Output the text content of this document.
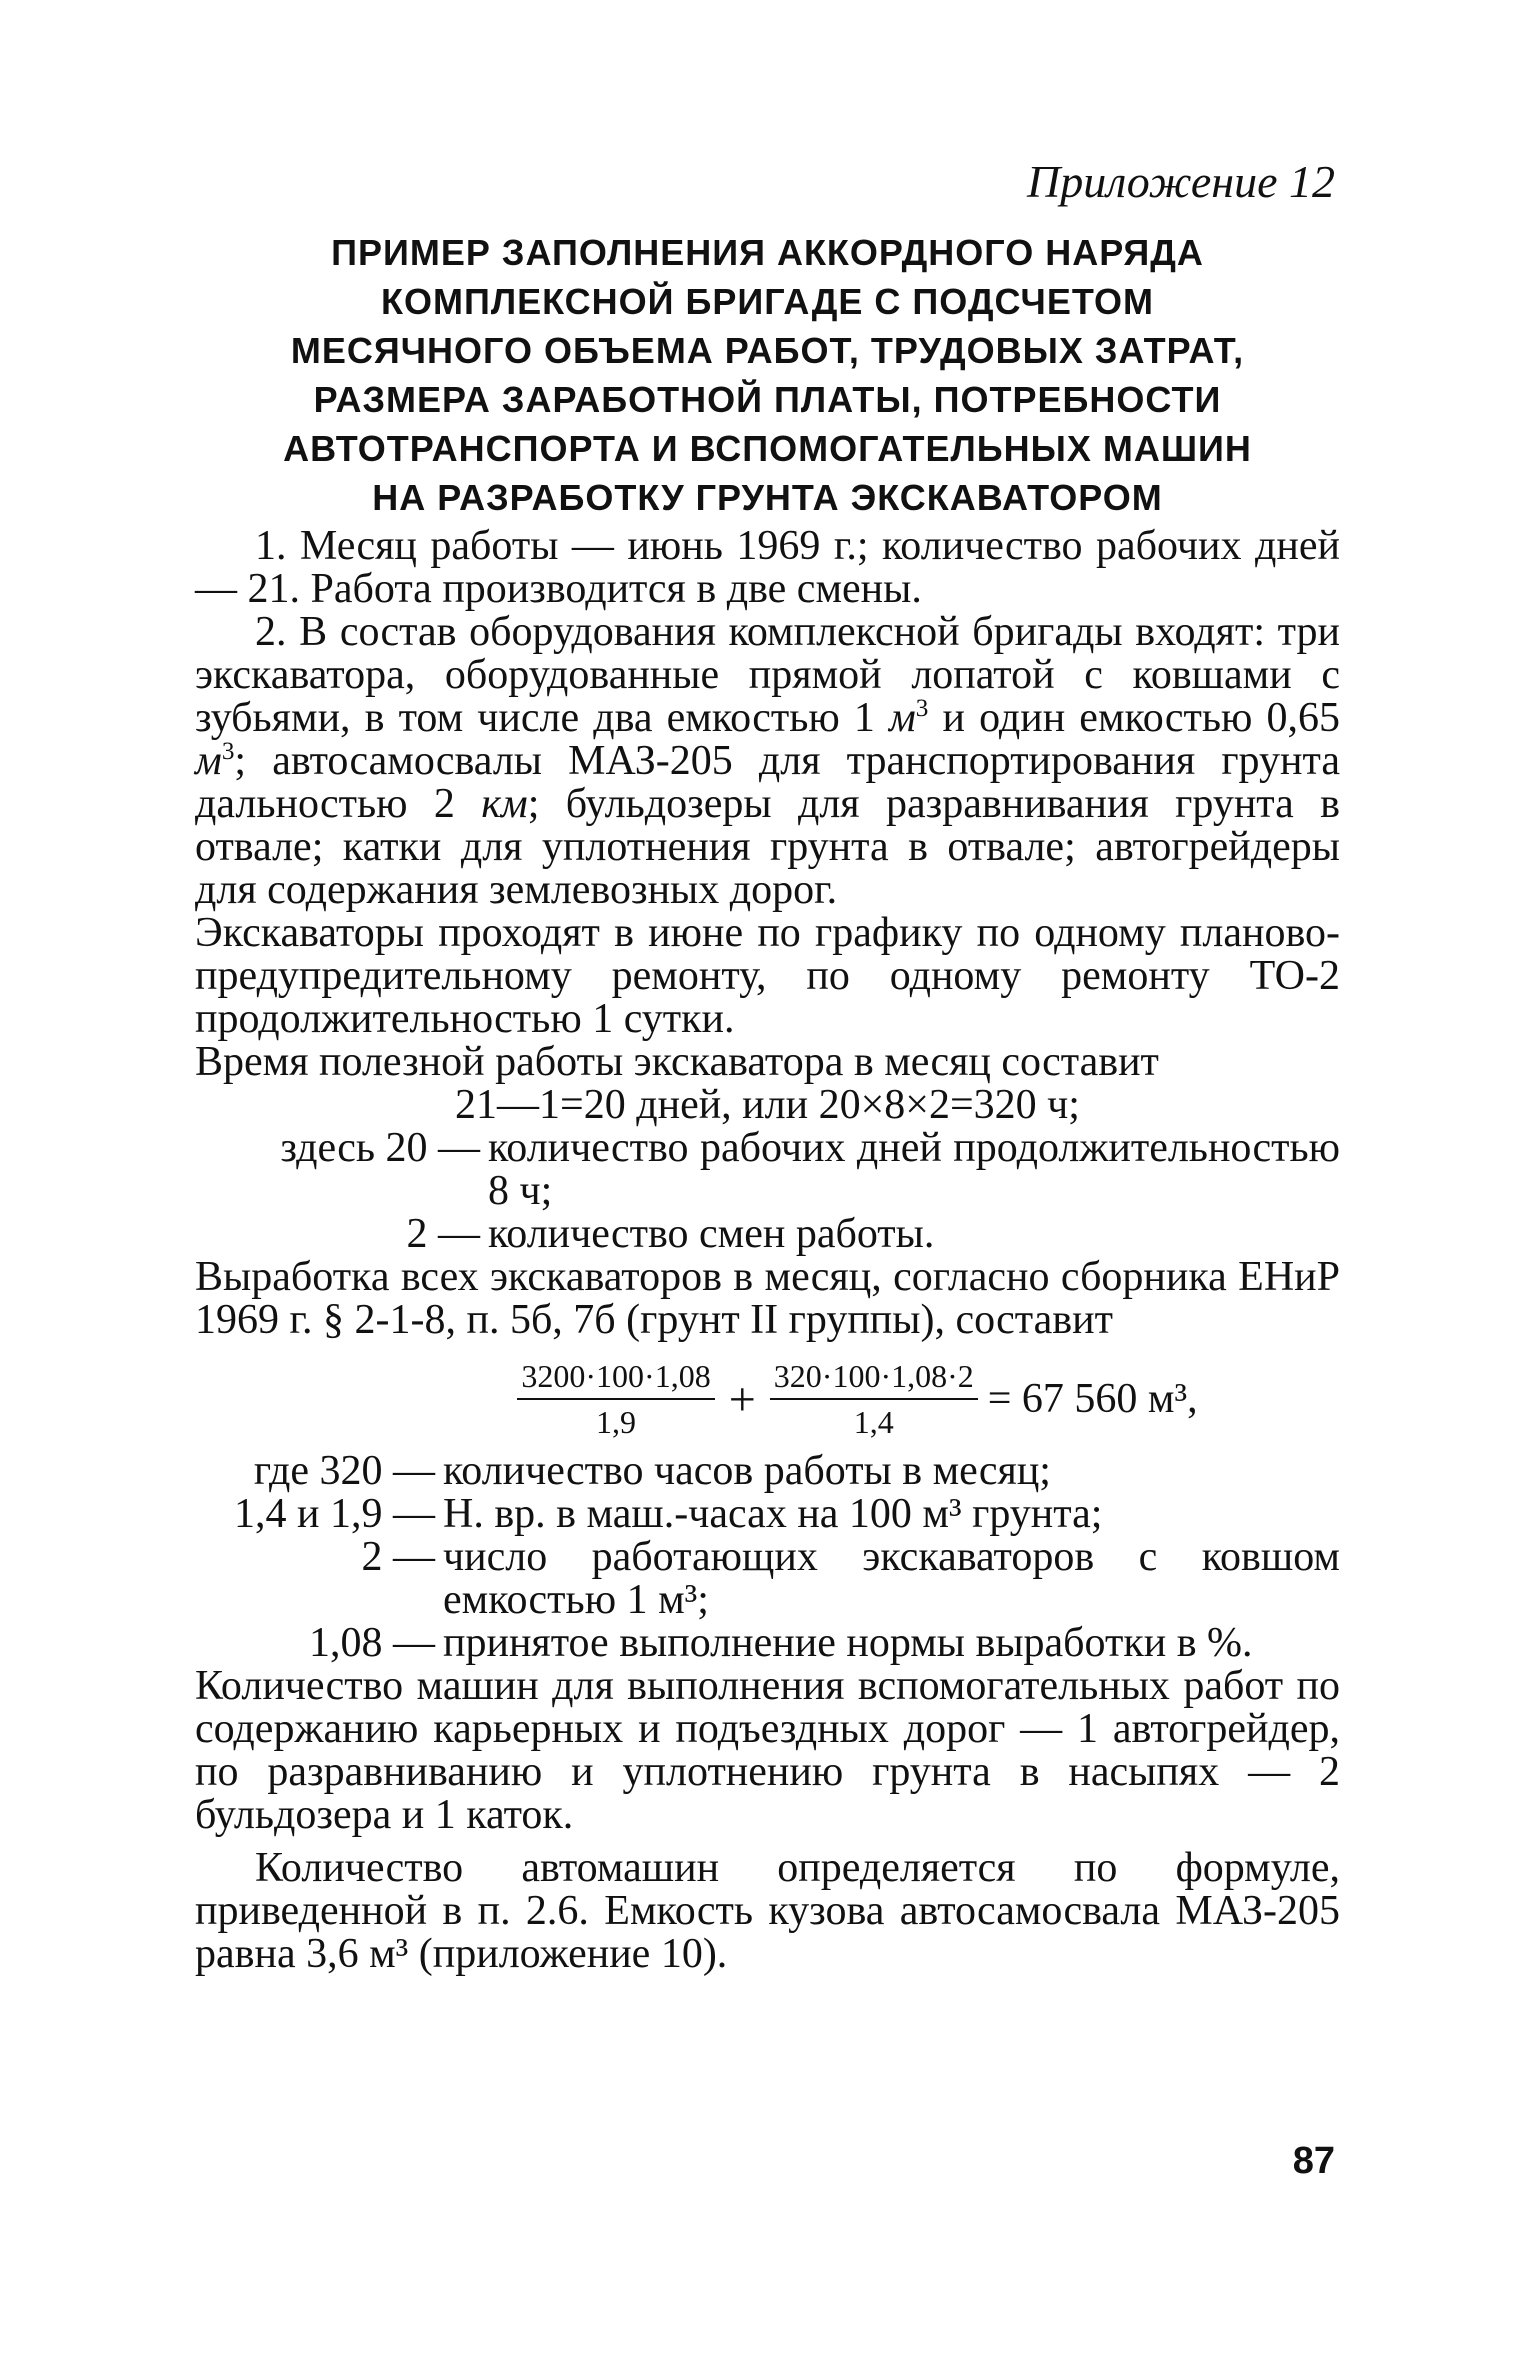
Приложение 12
ПРИМЕР ЗАПОЛНЕНИЯ АККОРДНОГО НАРЯДА
КОМПЛЕКСНОЙ БРИГАДЕ С ПОДСЧЕТОМ
МЕСЯЧНОГО ОБЪЕМА РАБОТ, ТРУДОВЫХ ЗАТРАТ,
РАЗМЕРА ЗАРАБОТНОЙ ПЛАТЫ, ПОТРЕБНОСТИ
АВТОТРАНСПОРТА И ВСПОМОГАТЕЛЬНЫХ МАШИН
НА РАЗРАБОТКУ ГРУНТА ЭКСКАВАТОРОМ
1. Месяц работы — июнь 1969 г.; количество рабочих дней — 21. Работа производится в две смены.
2. В состав оборудования комплексной бригады входят: три экскаватора, оборудованные прямой лопатой с ковшами с зубьями, в том числе два емкостью 1 $м^3$ и один емкостью 0,65 $м^3$; автосамосвалы МАЗ-205 для транспортирования грунта дальностью 2 км; бульдозеры для разравнивания грунта в отвале; катки для уплотнения грунта в отвале; автогрейдеры для содержания землевозных дорог.
Экскаваторы проходят в июне по графику по одному планово-предупредительному ремонту, по одному ремонту ТО-2 продолжительностью 1 сутки.
Время полезной работы экскаватора в месяц составит
21—1=20 дней, или 20×8×2=320 ч;
здесь 20 — количество рабочих дней продолжительностью 8 ч;
2 — количество смен работы.
Выработка всех экскаваторов в месяц, согласно сборника ЕНиР 1969 г. § 2-1-8, п. 5б, 7б (грунт II группы), составит
$\frac{3200\cdot 100\cdot 1,08}{1,9} + \frac{320\cdot 100\cdot 1,08\cdot 2}{1,4} = 67$ 560 м³,
где 320 — количество часов работы в месяц;
1,4 и 1,9 — Н. вр. в маш.-часах на 100 м³ грунта;
2 — число работающих экскаваторов с ковшом емкостью 1 м³;
1,08 — принятое выполнение нормы выработки в %.
Количество машин для выполнения вспомогательных работ по содержанию карьерных и подъездных дорог — 1 автогрейдер, по разравниванию и уплотнению грунта в насыпях — 2 бульдозера и 1 каток.
Количество автомашин определяется по формуле, приведенной в п. 2.6. Емкость кузова автосамосвала МАЗ-205 равна 3,6 м³ (приложение 10).
87
